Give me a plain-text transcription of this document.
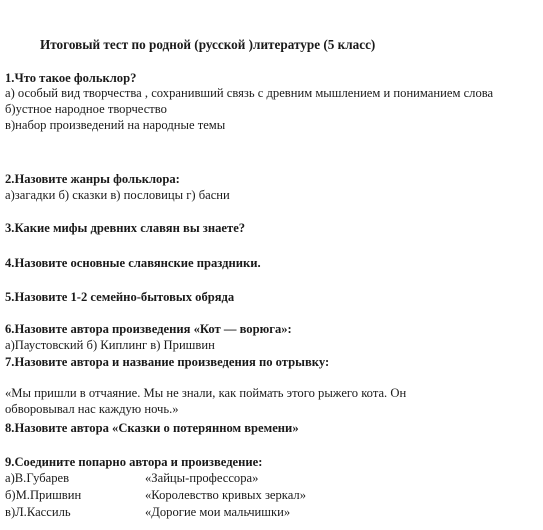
Итоговый тест по родной (русской )литературе (5 класс)

1.Что такое фольклор?

а) особый вид творчества , сохранивший связь с древним мышлением и пониманием слова

б)устное народное творчество

в)набор произведений на народные темы

2.Назовите жанры фольклора:

а)загадки б) сказки в) пословицы г) басни

3.Какие мифы древних славян вы знаете?

4.Назовите основные славянские праздники.

5.Назовите 1-2 семейно-бытовых обряда

6.Назовите автора произведения «Кот — ворюга»:

а)Паустовский б) Киплинг в) Пришвин

7.Назовите автора и название произведения по отрывку:

«Мы пришли в отчаяние. Мы не знали, как поймать этого рыжего кота. Он

обворовывал нас каждую ночь.»

8.Назовите автора «Сказки о потерянном времени»

9.Соедините попарно автора и произведение:

а)В.Губарев	«Зайцы-профессора»
б)М.Пришвин	«Королевство кривых зеркал»
в)Л.Кассиль	«Дорогие мои мальчишки»
